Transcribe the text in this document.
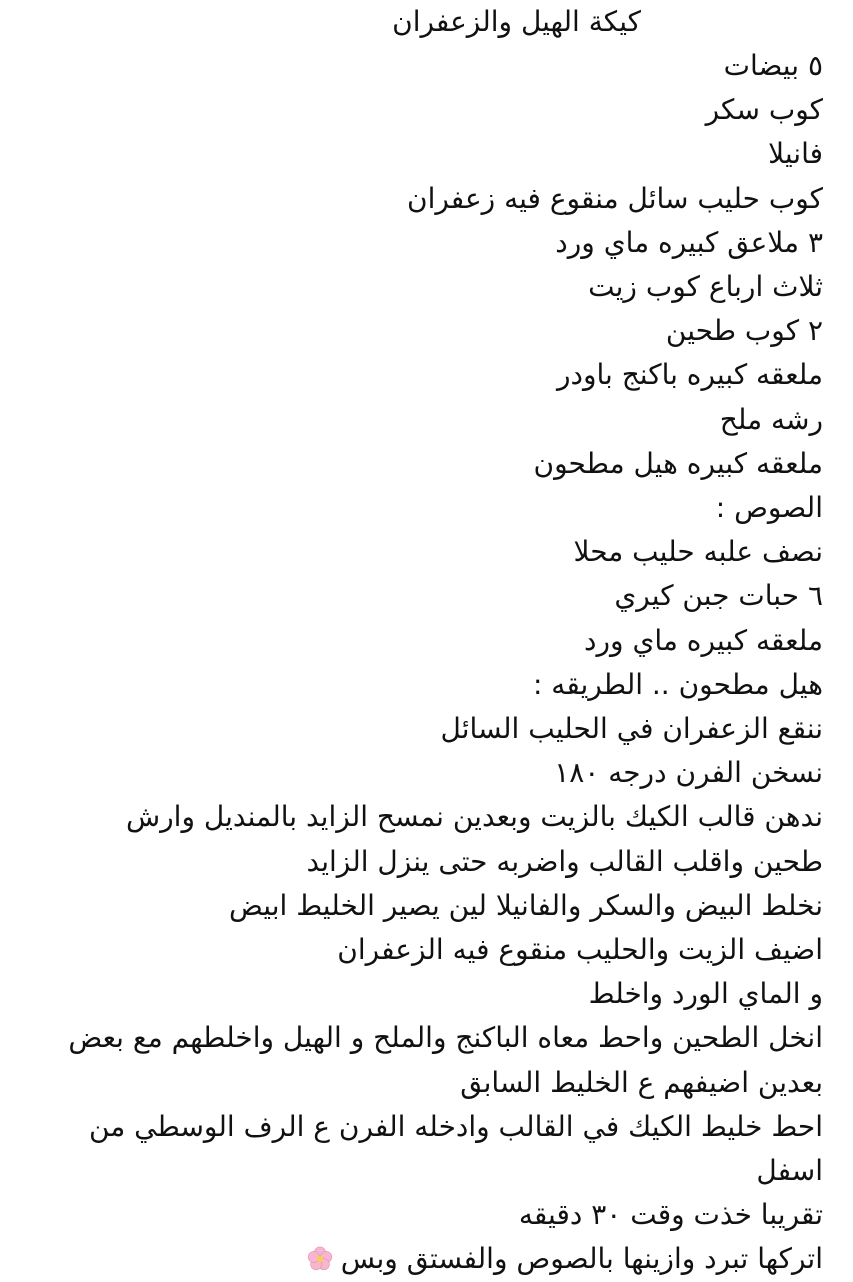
كيكة الهيل والزعفران
٥ بيضات
كوب سكر
فانيلا
كوب حليب سائل منقوع فيه زعفران
٣ ملاعق كبيره ماي ورد
ثلاث ارباع كوب زيت
٢ كوب طحين
ملعقه كبيره باكنج باودر
رشه ملح
ملعقه كبيره هيل مطحون
الصوص :
نصف علبه حليب محلا
٦ حبات جبن كيري
ملعقه كبيره ماي ورد
هيل مطحون .. الطريقه :
ننقع الزعفران في الحليب السائل
نسخن الفرن درجه ١٨٠
ندهن قالب الكيك بالزيت وبعدين نمسح الزايد بالمنديل وارش
طحين واقلب القالب واضربه حتى ينزل الزايد
نخلط البيض والسكر والفانيلا لين يصير الخليط ابيض
اضيف الزيت والحليب منقوع فيه الزعفران
و الماي الورد واخلط
انخل الطحين واحط معاه الباكنج والملح و الهيل واخلطهم مع بعض
بعدين اضيفهم ع الخليط السابق
احط خليط الكيك في القالب وادخله الفرن ع الرف الوسطي من
اسفل
تقريبا خذت وقت ٣٠ دقيقه
اتركها تبرد وازينها بالصوص والفستق وبس
